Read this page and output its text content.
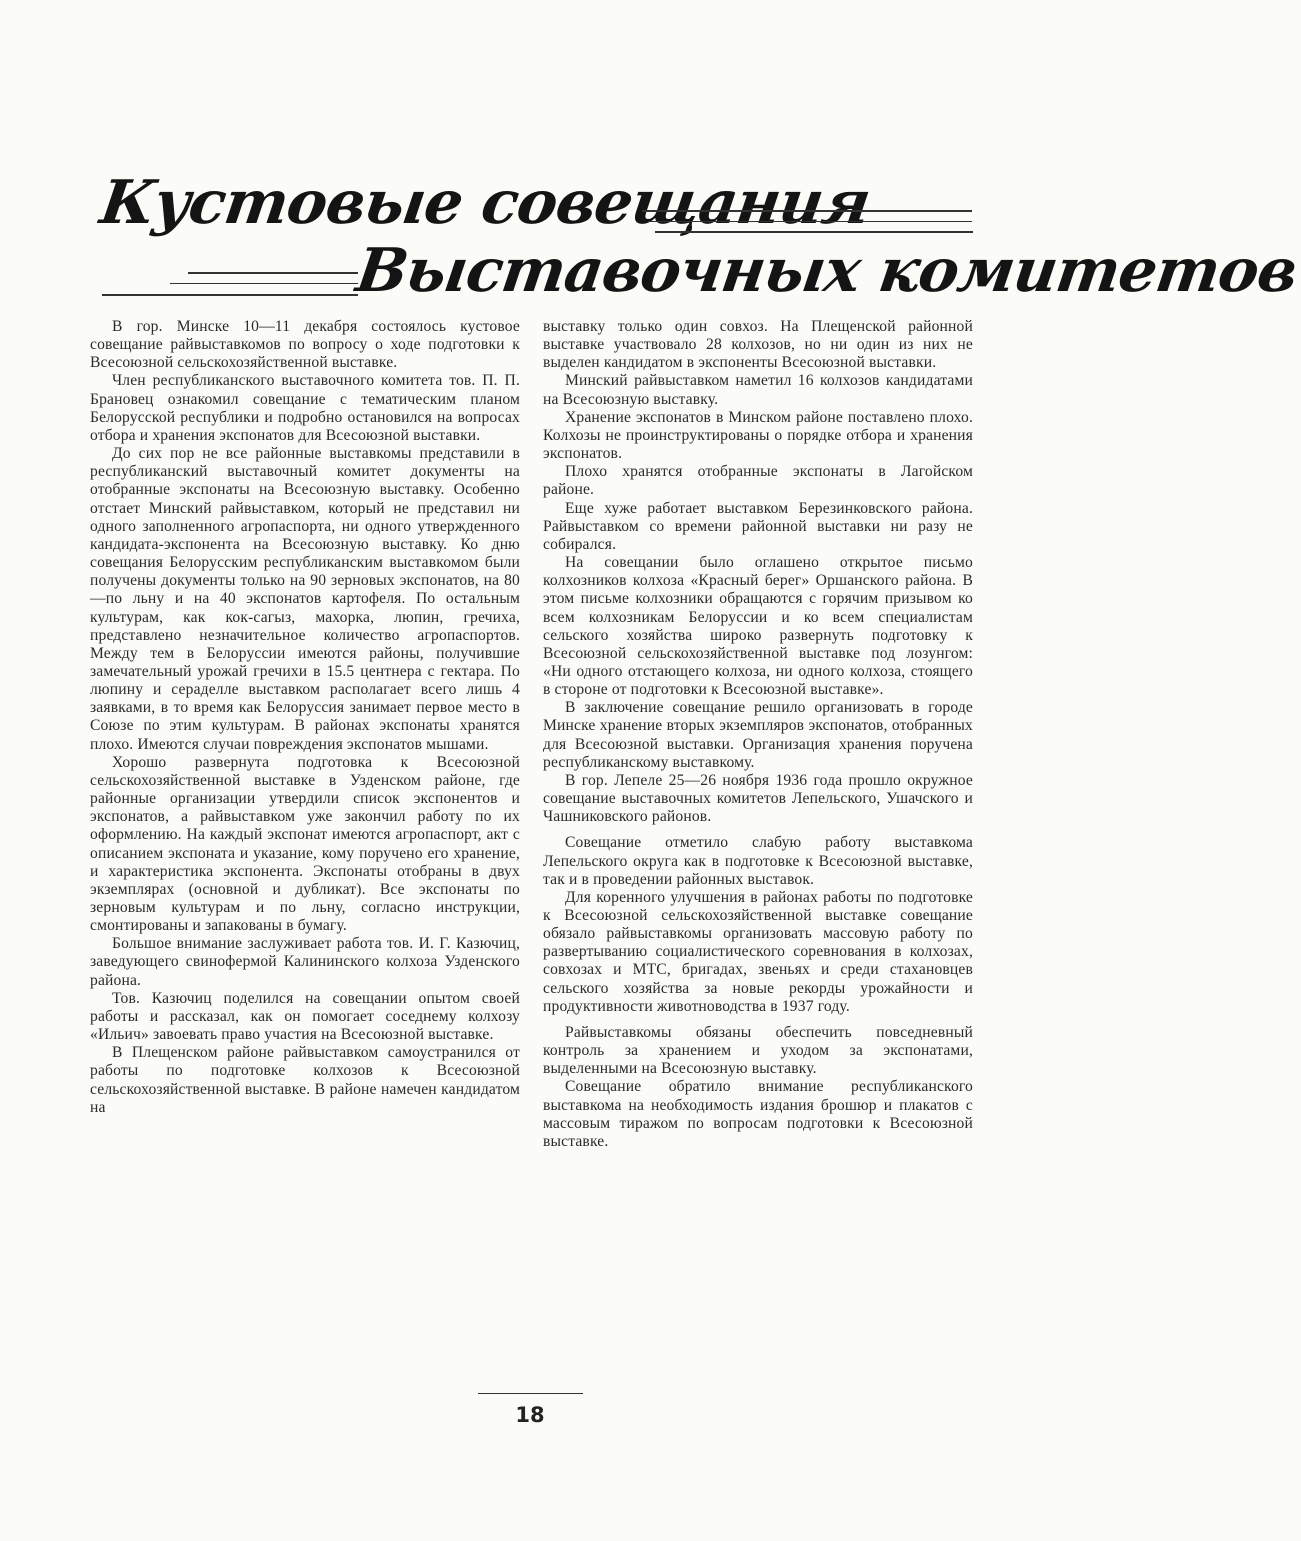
Кустовые совещания
Выставочных комитетов

В гор. Минске 10—11 декабря состоялось кустовое совещание райвыставкомов по вопросу о ходе подготовки к Всесоюзной сельскохозяйственной выставке.

Член республиканского выставочного комитета тов. П. П. Брановец ознакомил совещание с тематическим планом Белорусской республики и подробно остановился на вопросах отбора и хранения экспонатов для Всесоюзной выставки.

До сих пор не все районные выставкомы представили в республиканский выставочный комитет документы на отобранные экспонаты на Всесоюзную выставку. Особенно отстает Минский райвыставком, который не представил ни одного заполненного агропаспорта, ни одного утвержденного кандидата-экспонента на Всесоюзную выставку. Ко дню совещания Белорусским республиканским выставкомом были получены документы только на 90 зерновых экспонатов, на 80—по льну и на 40 экспонатов картофеля. По остальным культурам, как кок-сагыз, махорка, люпин, гречиха, представлено незначительное количество агропаспортов. Между тем в Белоруссии имеются районы, получившие замечательный урожай гречихи в 15.5 центнера с гектара. По люпину и сераделле выставком располагает всего лишь 4 заявками, в то время как Белоруссия занимает первое место в Союзе по этим культурам. В районах экспонаты хранятся плохо. Имеются случаи повреждения экспонатов мышами.

Хорошо развернута подготовка к Всесоюзной сельскохозяйственной выставке в Узденском районе, где районные организации утвердили список экспонентов и экспонатов, а райвыставком уже закончил работу по их оформлению. На каждый экспонат имеются агропаспорт, акт с описанием экспоната и указание, кому поручено его хранение, и характеристика экспонента. Экспонаты отобраны в двух экземплярах (основной и дубликат). Все экспонаты по зерновым культурам и по льну, согласно инструкции, смонтированы и запакованы в бумагу.

Большое внимание заслуживает работа тов. И. Г. Казючиц, заведующего свинофермой Калининского колхоза Узденского района.

Тов. Казючиц поделился на совещании опытом своей работы и рассказал, как он помогает соседнему колхозу «Ильич» завоевать право участия на Всесоюзной выставке.

В Плещенском районе райвыставком самоустранился от работы по подготовке колхозов к Всесоюзной сельскохозяйственной выставке. В районе намечен кандидатом на

выставку только один совхоз. На Плещенской районной выставке участвовало 28 колхозов, но ни один из них не выделен кандидатом в экспоненты Всесоюзной выставки.

Минский райвыставком наметил 16 колхозов кандидатами на Всесоюзную выставку.

Хранение экспонатов в Минском районе поставлено плохо. Колхозы не проинструктированы о порядке отбора и хранения экспонатов.

Плохо хранятся отобранные экспонаты в Лагойском районе.

Еще хуже работает выставком Березинковского района. Райвыставком со времени районной выставки ни разу не собирался.

На совещании было оглашено открытое письмо колхозников колхоза «Красный берег» Оршанского района. В этом письме колхозники обращаются с горячим призывом ко всем колхозникам Белоруссии и ко всем специалистам сельского хозяйства широко развернуть подготовку к Всесоюзной сельскохозяйственной выставке под лозунгом: «Ни одного отстающего колхоза, ни одного колхоза, стоящего в стороне от подготовки к Всесоюзной выставке».

В заключение совещание решило организовать в городе Минске хранение вторых экземпляров экспонатов, отобранных для Всесоюзной выставки. Организация хранения поручена республиканскому выставкому.

В гор. Лепеле 25—26 ноября 1936 года прошло окружное совещание выставочных комитетов Лепельского, Ушачского и Чашниковского районов.

Совещание отметило слабую работу выставкома Лепельского округа как в подготовке к Всесоюзной выставке, так и в проведении районных выставок.

Для коренного улучшения в районах работы по подготовке к Всесоюзной сельскохозяйственной выставке совещание обязало райвыставкомы организовать массовую работу по развертыванию социалистического соревнования в колхозах, совхозах и МТС, бригадах, звеньях и среди стахановцев сельского хозяйства за новые рекорды урожайности и продуктивности животноводства в 1937 году.

Райвыставкомы обязаны обеспечить повседневный контроль за хранением и уходом за экспонатами, выделенными на Всесоюзную выставку.

Совещание обратило внимание республиканского выставкома на необходимость издания брошюр и плакатов с массовым тиражом по вопросам подготовки к Всесоюзной выставке.

18
